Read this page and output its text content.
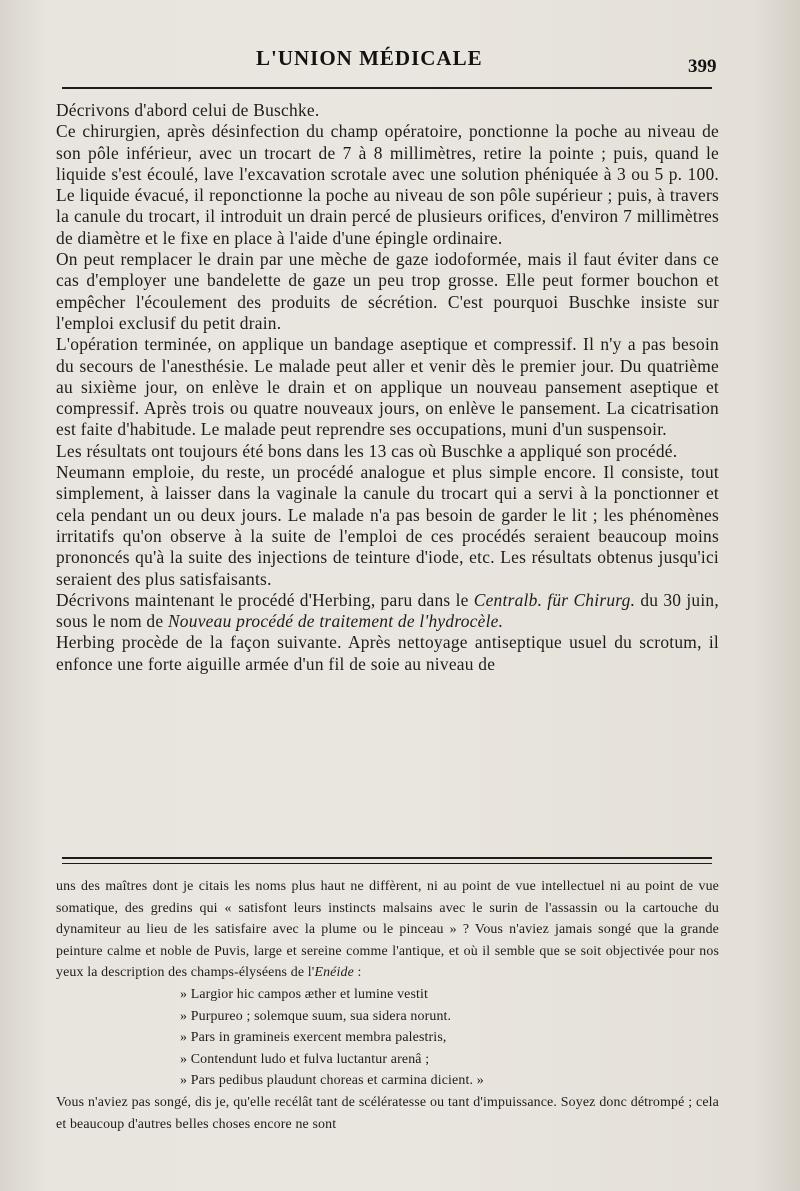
L'UNION MÉDICALE	399

Décrivons d'abord celui de Buschke.

Ce chirurgien, après désinfection du champ opératoire, ponctionne la poche au niveau de son pôle inférieur, avec un trocart de 7 à 8 millimètres, retire la pointe ; puis, quand le liquide s'est écoulé, lave l'excavation scrotale avec une solution phéniquée à 3 ou 5 p. 100. Le liquide évacué, il reponctionne la poche au niveau de son pôle supérieur ; puis, à travers la canule du trocart, il introduit un drain percé de plusieurs orifices, d'environ 7 millimètres de diamètre et le fixe en place à l'aide d'une épingle ordinaire.

On peut remplacer le drain par une mèche de gaze iodoformée, mais il faut éviter dans ce cas d'employer une bandelette de gaze un peu trop grosse. Elle peut former bouchon et empêcher l'écoulement des produits de sécrétion. C'est pourquoi Buschke insiste sur l'emploi exclusif du petit drain.

L'opération terminée, on applique un bandage aseptique et compressif. Il n'y a pas besoin du secours de l'anesthésie. Le malade peut aller et venir dès le premier jour. Du quatrième au sixième jour, on enlève le drain et on applique un nouveau pansement aseptique et compressif. Après trois ou quatre nouveaux jours, on enlève le pansement. La cicatrisation est faite d'habitude. Le malade peut reprendre ses occupations, muni d'un suspensoir.

Les résultats ont toujours été bons dans les 13 cas où Buschke a appliqué son procédé.

Neumann emploie, du reste, un procédé analogue et plus simple encore. Il consiste, tout simplement, à laisser dans la vaginale la canule du trocart qui a servi à la ponctionner et cela pendant un ou deux jours. Le malade n'a pas besoin de garder le lit ; les phénomènes irritatifs qu'on observe à la suite de l'emploi de ces procédés seraient beaucoup moins prononcés qu'à la suite des injections de teinture d'iode, etc. Les résultats obtenus jusqu'ici seraient des plus satisfaisants.

Décrivons maintenant le procédé d'Herbing, paru dans le Centralb. für Chirurg. du 30 juin, sous le nom de Nouveau procédé de traitement de l'hydrocèle.

Herbing procède de la façon suivante. Après nettoyage antiseptique usuel du scrotum, il enfonce une forte aiguille armée d'un fil de soie au niveau de

uns des maîtres dont je citais les noms plus haut ne diffèrent, ni au point de vue intellectuel ni au point de vue somatique, des gredins qui « satisfont leurs instincts malsains avec le surin de l'assassin ou la cartouche du dynamiteur au lieu de les satisfaire avec la plume ou le pinceau » ? Vous n'aviez jamais songé que la grande peinture calme et noble de Puvis, large et sereine comme l'antique, et où il semble que se soit objectivée pour nos yeux la description des champs-élyséens de l'Enéide :

» Largior hic campos æther et lumine vestit

» Purpureo ; solemque suum, sua sidera norunt.

» Pars in gramineis exercent membra palestris,

» Contendunt ludo et fulva luctantur arenâ ;

» Pars pedibus plaudunt choreas et carmina dicient. »

Vous n'aviez pas songé, dis je, qu'elle recélât tant de scélératesse ou tant d'impuissance. Soyez donc détrompé ; cela et beaucoup d'autres belles choses encore ne sont
